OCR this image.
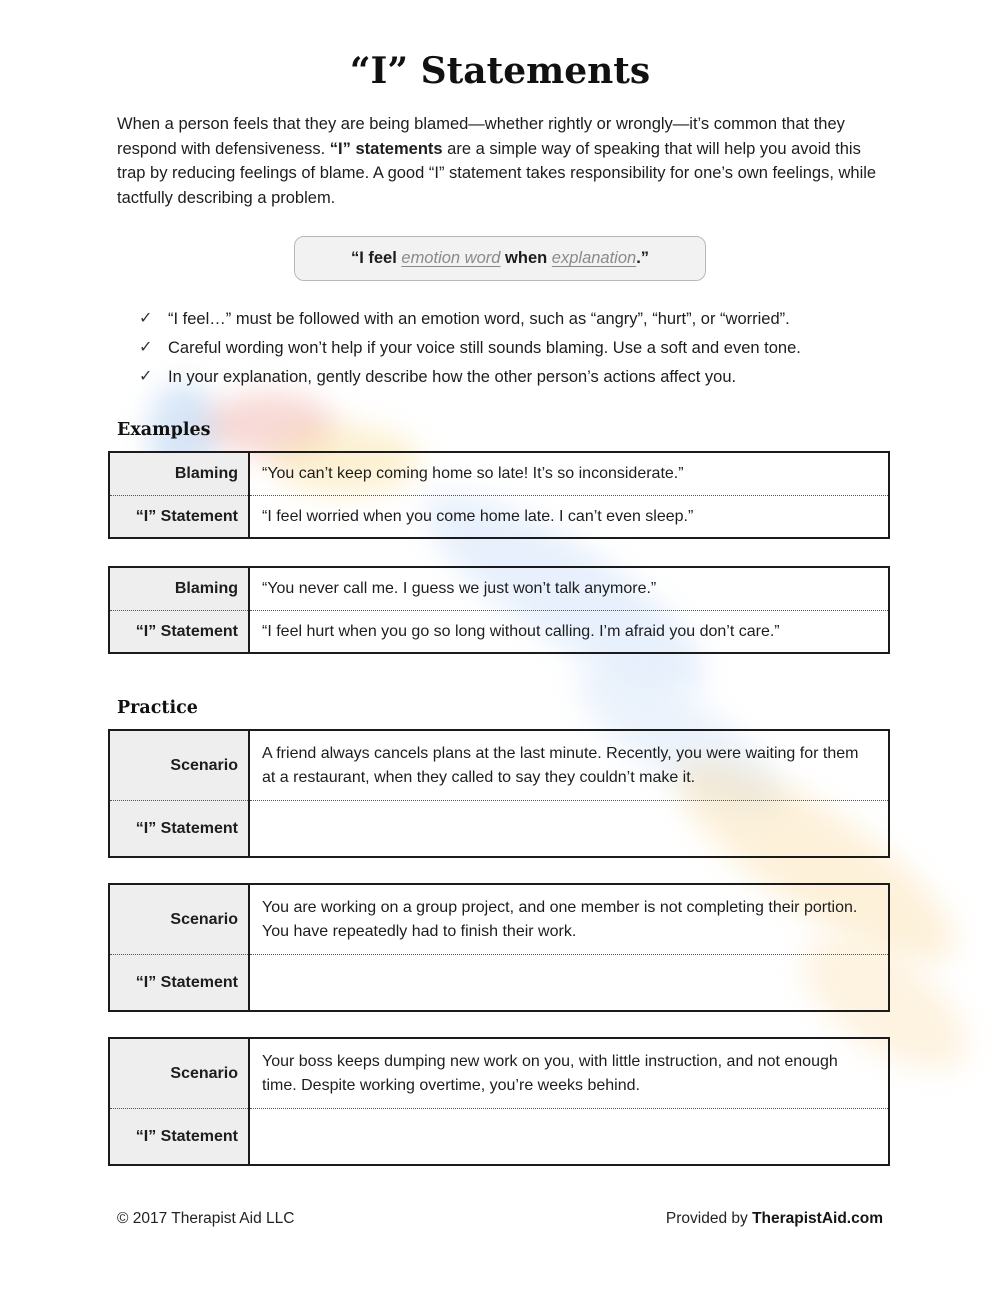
“I” Statements

When a person feels that they are being blamed—whether rightly or wrongly—it’s common that they respond with defensiveness. “I” statements are a simple way of speaking that will help you avoid this trap by reducing feelings of blame. A good “I” statement takes responsibility for one’s own feelings, while tactfully describing a problem.

“I feel emotion word when explanation .”
✓ “I feel…” must be followed with an emotion word, such as “angry”, “hurt”, or “worried”.
✓ Careful wording won’t help if your voice still sounds blaming. Use a soft and even tone.
✓ In your explanation, gently describe how the other person’s actions affect you.
Examples
Blaming	“You can’t keep coming home so late! It’s so inconsiderate.”
“I” Statement	“I feel worried when you come home late. I can’t even sleep.”
Blaming	“You never call me. I guess we just won’t talk anymore.”
“I” Statement	“I feel hurt when you go so long without calling. I’m afraid you don’t care.”
Practice
Scenario	A friend always cancels plans at the last minute. Recently, you were waiting for them at a restaurant, when they called to say they couldn’t make it.
“I” Statement	
Scenario	You are working on a group project, and one member is not completing their portion. You have repeatedly had to finish their work.
“I” Statement	
Scenario	Your boss keeps dumping new work on you, with little instruction, and not enough time. Despite working overtime, you’re weeks behind.
“I” Statement	
© 2017 Therapist Aid LLC	Provided by TherapistAid.com
